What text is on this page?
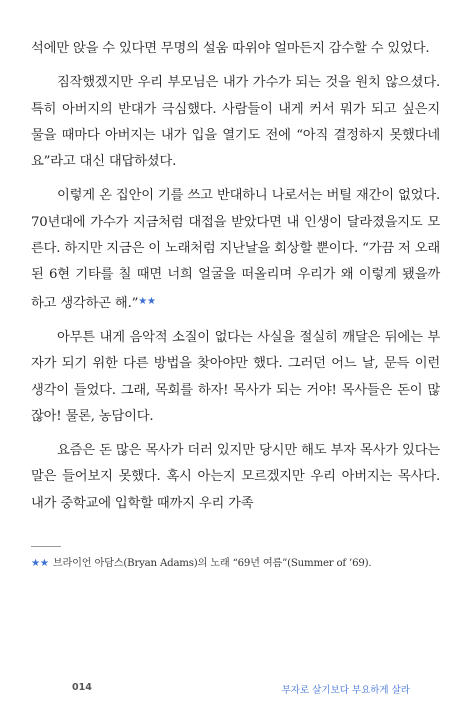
석에만 앉을 수 있다면 무명의 설움 따위야 얼마든지 감수할 수 있었다.

짐작했겠지만 우리 부모님은 내가 가수가 되는 것을 원치 않으셨다. 특히 아버지의 반대가 극심했다. 사람들이 내게 커서 뭐가 되고 싶은지 물을 때마다 아버지는 내가 입을 열기도 전에 “아직 결정하지 못했다네요”라고 대신 대답하셨다.

이렇게 온 집안이 기를 쓰고 반대하니 나로서는 버틸 재간이 없었다. 70년대에 가수가 지금처럼 대접을 받았다면 내 인생이 달라졌을지도 모른다. 하지만 지금은 이 노래처럼 지난날을 회상할 뿐이다. “가끔 저 오래된 6현 기타를 칠 때면 너희 얼굴을 떠올리며 우리가 왜 이렇게 됐을까 하고 생각하곤 해.”★★

아무튼 내게 음악적 소질이 없다는 사실을 절실히 깨달은 뒤에는 부자가 되기 위한 다른 방법을 찾아야만 했다. 그러던 어느 날, 문득 이런 생각이 들었다. 그래, 목회를 하자! 목사가 되는 거야! 목사들은 돈이 많잖아! 물론, 농담이다.

요즘은 돈 많은 목사가 더러 있지만 당시만 해도 부자 목사가 있다는 말은 들어보지 못했다. 혹시 아는지 모르겠지만 우리 아버지는 목사다. 내가 중학교에 입학할 때까지 우리 가족

★★ 브라이언 아담스(Bryan Adams)의 노래 “69년 여름”(Summer of ’69).
014	부자로 살기보다 부요하게 살라
